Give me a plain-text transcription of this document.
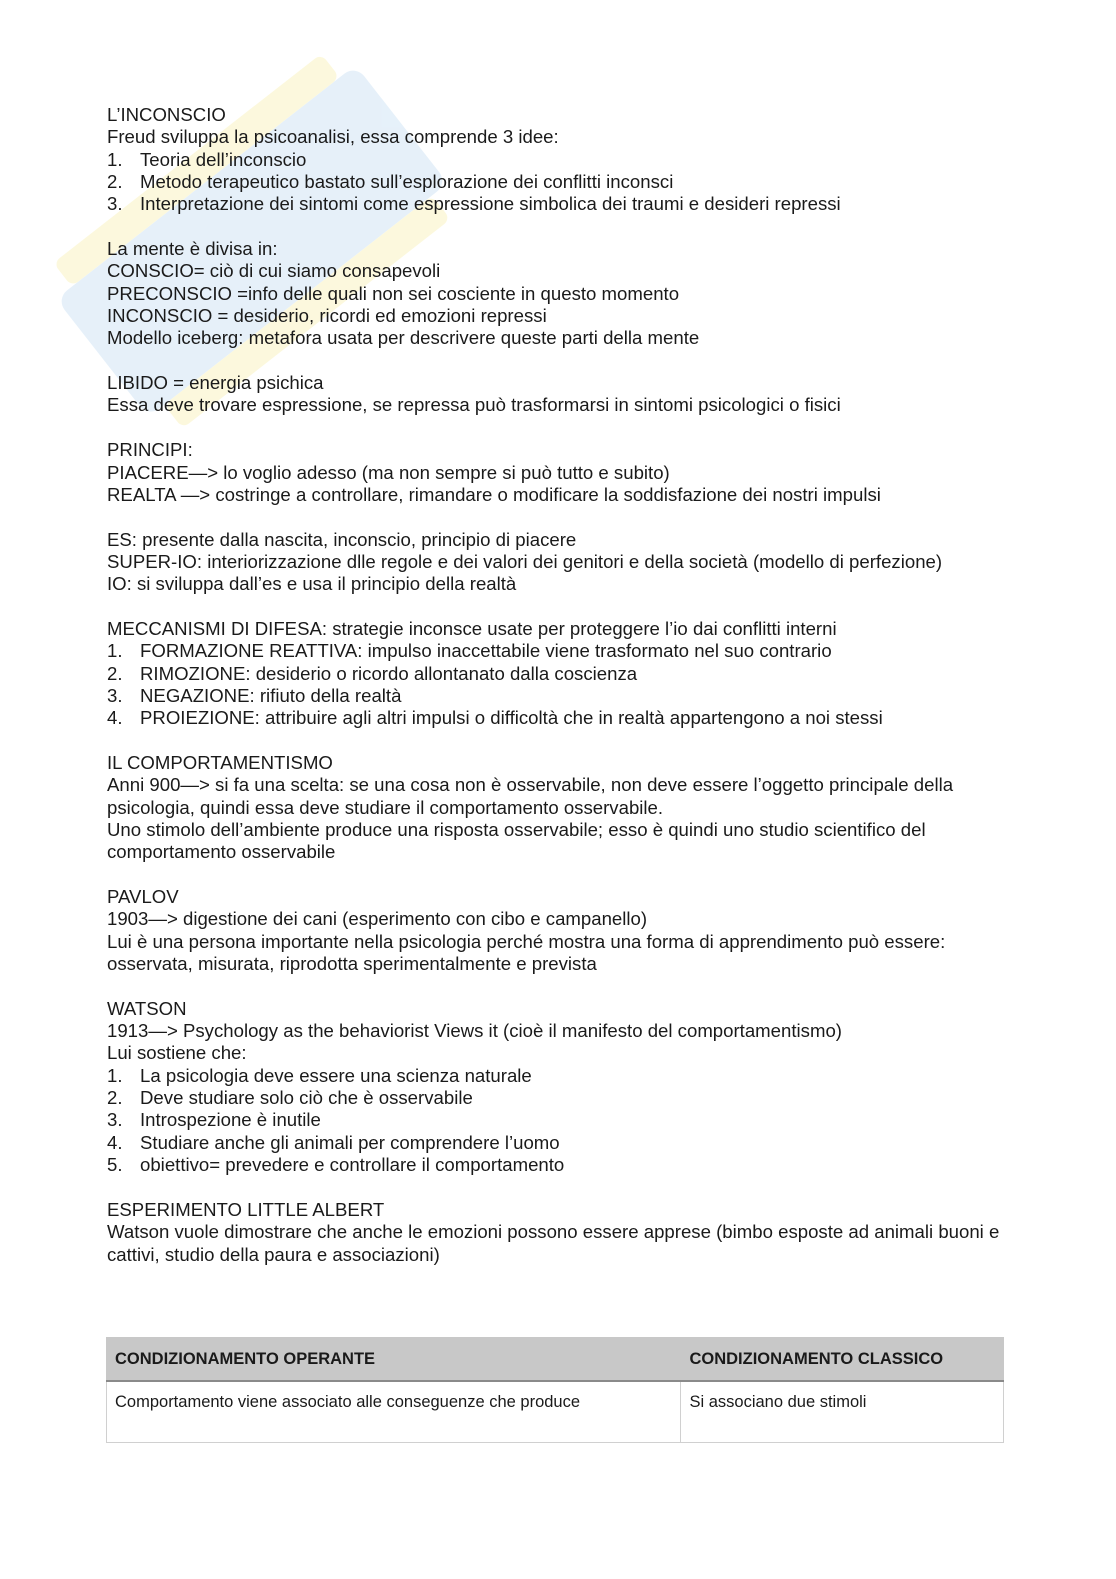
L’INCONSCIO

Freud sviluppa la psicoanalisi, essa comprende 3 idee:

1. Teoria dell’inconscio
2. Metodo terapeutico bastato sull’esplorazione dei conflitti inconsci
3. Interpretazione dei sintomi come espressione simbolica dei traumi e desideri repressi

La mente è divisa in:

CONSCIO= ciò di cui siamo consapevoli

PRECONSCIO =info delle quali non sei cosciente in questo momento

INCONSCIO = desiderio, ricordi ed emozioni repressi

Modello iceberg: metafora usata per descrivere queste parti della mente

LIBIDO = energia psichica

Essa deve trovare espressione, se repressa può trasformarsi in sintomi psicologici o fisici

PRINCIPI:

PIACERE—> lo voglio adesso (ma non sempre si può tutto e subito)

REALTA —> costringe a controllare, rimandare o modificare la soddisfazione dei nostri impulsi

ES: presente dalla nascita, inconscio, principio di piacere

SUPER-IO: interiorizzazione dlle regole e dei valori dei genitori e della società (modello di perfezione)

IO: si sviluppa dall’es e usa il principio della realtà

MECCANISMI DI DIFESA: strategie inconsce usate per proteggere l’io dai conflitti interni

1. FORMAZIONE REATTIVA: impulso inaccettabile viene trasformato nel suo contrario
2. RIMOZIONE: desiderio o ricordo allontanato dalla coscienza
3. NEGAZIONE: rifiuto della realtà
4. PROIEZIONE: attribuire agli altri impulsi o difficoltà che in realtà appartengono a noi stessi

IL COMPORTAMENTISMO

Anni 900—> si fa una scelta: se una cosa non è osservabile, non deve essere l’oggetto principale della psicologia, quindi essa deve studiare il comportamento osservabile.

Uno stimolo dell’ambiente produce una risposta osservabile; esso è quindi uno studio scientifico del comportamento osservabile

PAVLOV

1903—> digestione dei cani (esperimento con cibo e campanello)

Lui è una persona importante nella psicologia perché mostra una forma di apprendimento può essere: osservata, misurata, riprodotta sperimentalmente e prevista

WATSON

1913—> Psychology as the behaviorist Views it (cioè il manifesto del comportamentismo)

Lui sostiene che:

1. La psicologia deve essere una scienza naturale
2. Deve studiare solo ciò che è osservabile
3. Introspezione è inutile
4. Studiare anche gli animali per comprendere l’uomo
5. obiettivo= prevedere e controllare il comportamento

ESPERIMENTO LITTLE ALBERT

Watson vuole dimostrare che anche le emozioni possono essere apprese (bimbo esposte ad animali buoni e cattivi, studio della paura e associazioni)

CONDIZIONAMENTO OPERANTE	CONDIZIONAMENTO CLASSICO
Comportamento viene associato alle conseguenze che produce	Si associano due stimoli
